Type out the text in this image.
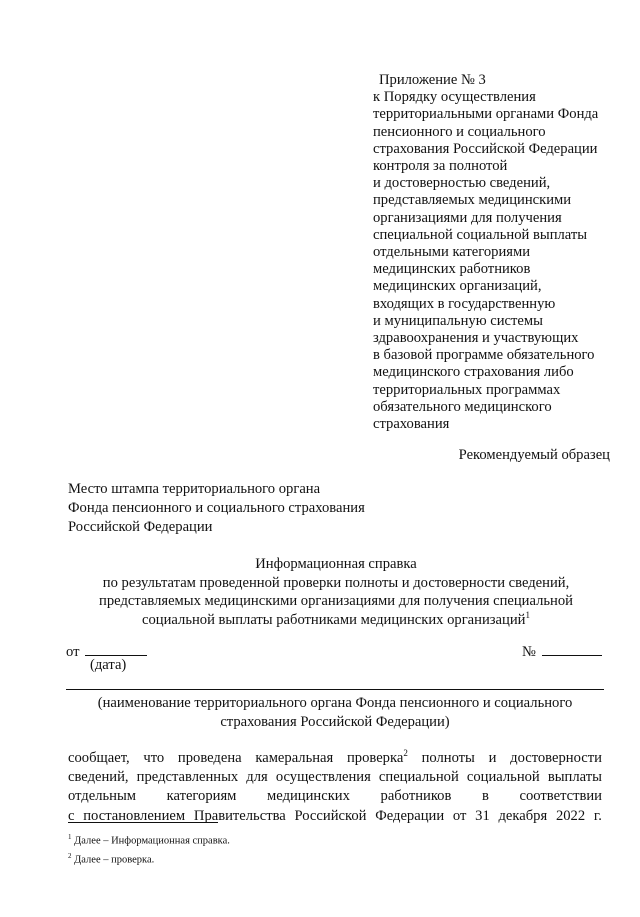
Приложение № 3
к Порядку осуществления
территориальными органами Фонда
пенсионного и социального
страхования Российской Федерации
контроля за полнотой
и достоверностью сведений,
представляемых медицинскими
организациями для получения
специальной социальной выплаты
отдельными категориями
медицинских работников
медицинских организаций,
входящих в государственную
и муниципальную системы
здравоохранения и участвующих
в базовой программе обязательного
медицинского страхования либо
территориальных программах
обязательного медицинского
страхования
Рекомендуемый образец
Место штампа территориального органа
Фонда пенсионного и социального страхования
Российской Федерации
Информационная справка
по результатам проведенной проверки полноты и достоверности сведений,
представляемых медицинскими организациями для получения специальной
социальной выплаты работниками медицинских организаций$^1$
от
(дата)
№
(наименование территориального органа Фонда пенсионного и социального
страхования Российской Федерации)
сообщает, что проведена камеральная проверка$^2$ полноты и достоверности
сведений, представленных для осуществления специальной социальной выплаты
отдельным категориям медицинских работников в соответствии
с постановлением Правительства Российской Федерации от 31 декабря 2022 г.
$^1$ Далее – Информационная справка.
$^2$ Далее – проверка.
